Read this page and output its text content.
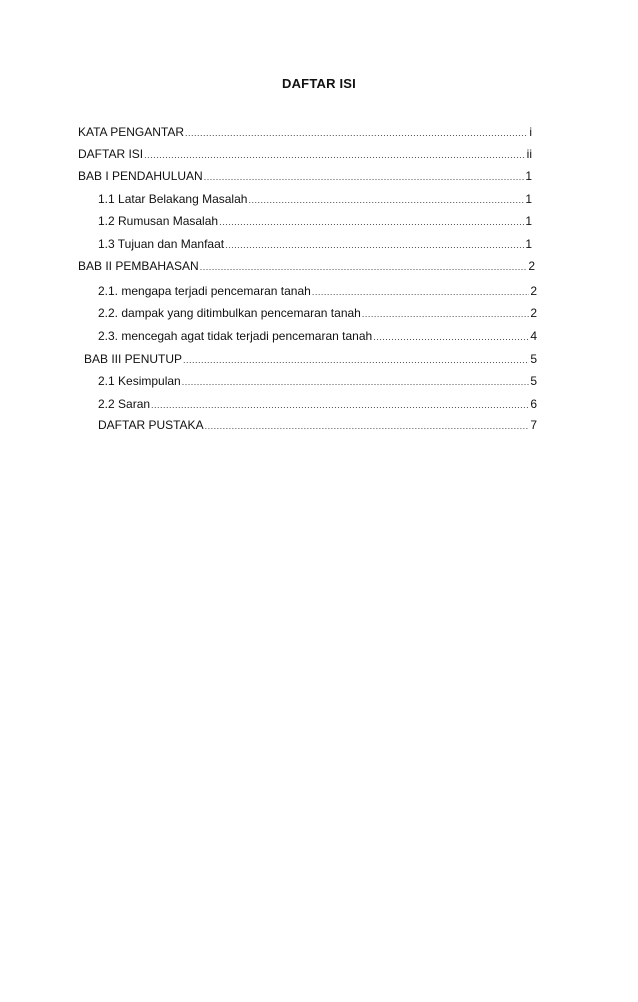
DAFTAR ISI
KATA PENGANTAR .....	i
DAFTAR ISI .....	ii
BAB I PENDAHULUAN .....	1
1.1 Latar Belakang Masalah .....	1
1.2 Rumusan Masalah .....	1
1.3 Tujuan dan Manfaat .....	1
BAB II PEMBAHASAN .....	2
2.1. mengapa terjadi pencemaran tanah .....	2
2.2. dampak yang ditimbulkan pencemaran tanah .....	2
2.3. mencegah agat tidak terjadi pencemaran tanah .....	4
BAB III PENUTUP .....	5
2.1 Kesimpulan .....	5
2.2 Saran .....	6
DAFTAR PUSTAKA .....	7
